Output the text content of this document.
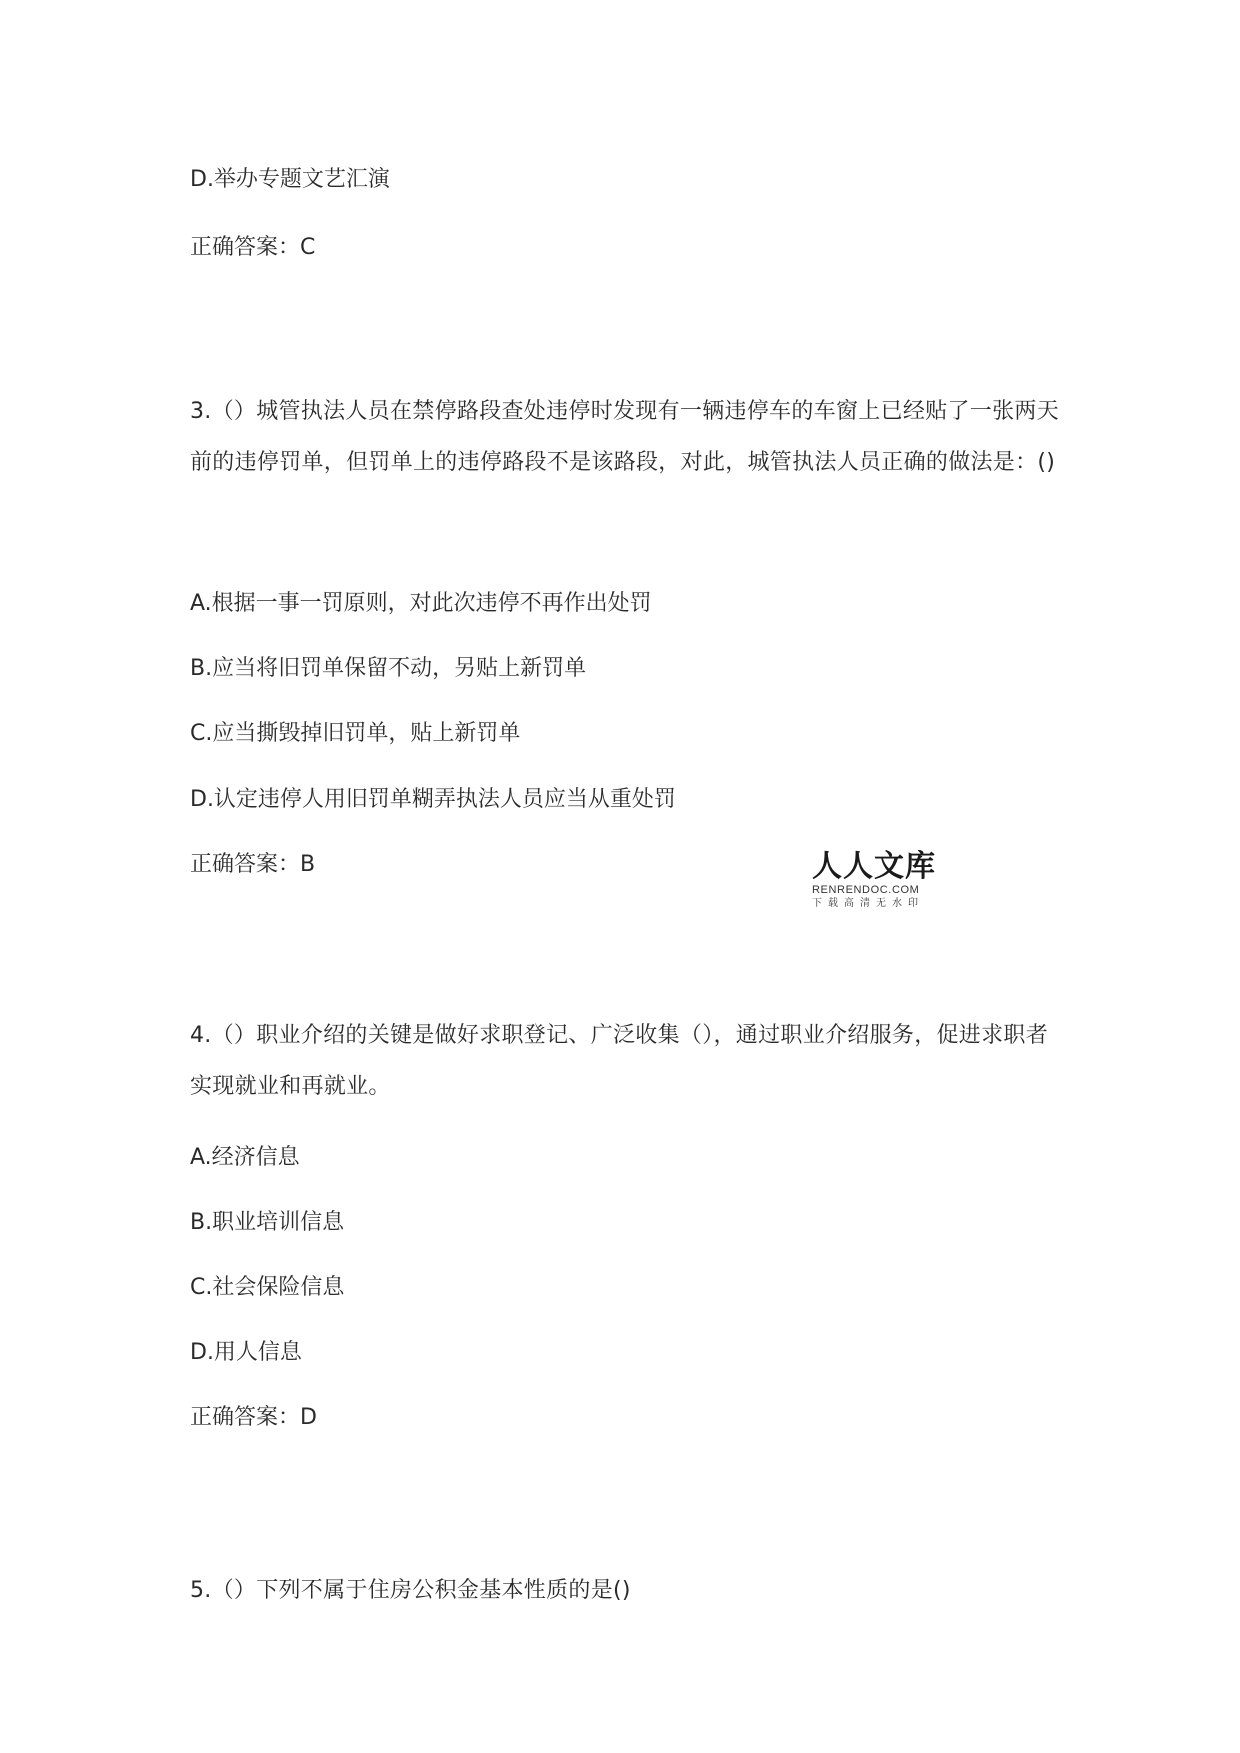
D.举办专题文艺汇演
正确答案：C
3.（）城管执法人员在禁停路段查处违停时发现有一辆违停车的车窗上已经贴了一张两天前的违停罚单，但罚单上的违停路段不是该路段，对此，城管执法人员正确的做法是：()
A.根据一事一罚原则，对此次违停不再作出处罚
B.应当将旧罚单保留不动，另贴上新罚单
C.应当撕毁掉旧罚单，贴上新罚单
D.认定违停人用旧罚单糊弄执法人员应当从重处罚
正确答案：B	人人文库
RENRENDOC.COM
下载高清无水印
4.（）职业介绍的关键是做好求职登记、广泛收集（），通过职业介绍服务，促进求职者实现就业和再就业。
A.经济信息
B.职业培训信息
C.社会保险信息
D.用人信息
正确答案：D
5.（）下列不属于住房公积金基本性质的是()
